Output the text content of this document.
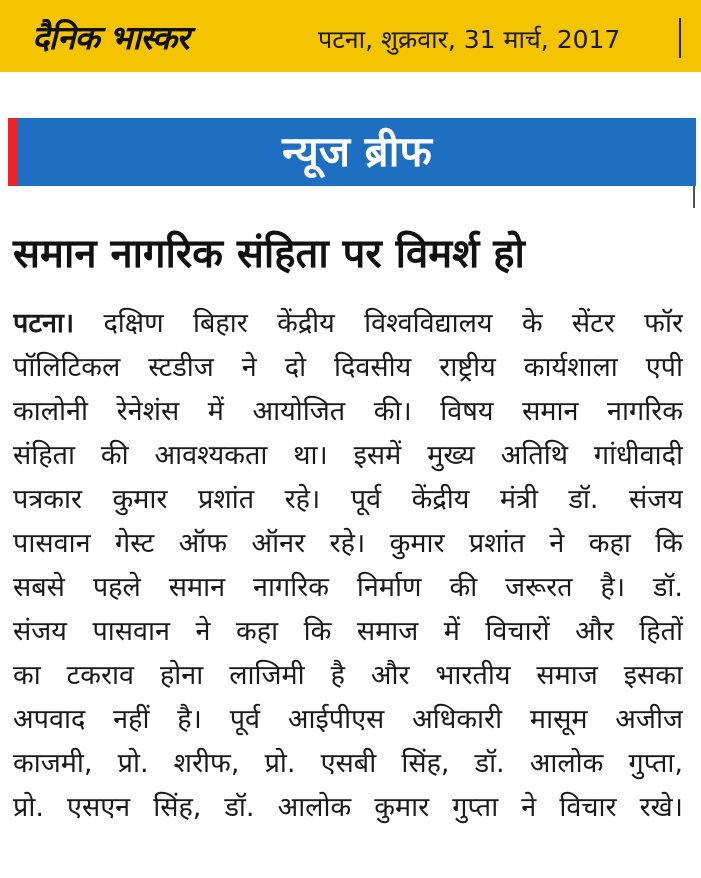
दैनिक भास्कर	पटना, शुक्रवार, 31 मार्च, 2017
न्यूज ब्रीफ
समान नागरिक संहिता पर विमर्श हो
पटना। दक्षिण बिहार केंद्रीय विश्वविद्यालय के सेंटर फॉर
पॉलिटिकल स्टडीज ने दो दिवसीय राष्ट्रीय कार्यशाला एपी
कालोनी रेनेशंस में आयोजित की। विषय समान नागरिक
संहिता की आवश्यकता था। इसमें मुख्य अतिथि गांधीवादी
पत्रकार कुमार प्रशांत रहे। पूर्व केंद्रीय मंत्री डॉ. संजय
पासवान गेस्ट ऑफ ऑनर रहे। कुमार प्रशांत ने कहा कि
सबसे पहले समान नागरिक निर्माण की जरूरत है। डॉ.
संजय पासवान ने कहा कि समाज में विचारों और हितों
का टकराव होना लाजिमी है और भारतीय समाज इसका
अपवाद नहीं है। पूर्व आईपीएस अधिकारी मासूम अजीज
काजमी, प्रो. शरीफ, प्रो. एसबी सिंह, डॉ. आलोक गुप्ता,
प्रो. एसएन सिंह, डॉ. आलोक कुमार गुप्ता ने विचार रखे।
